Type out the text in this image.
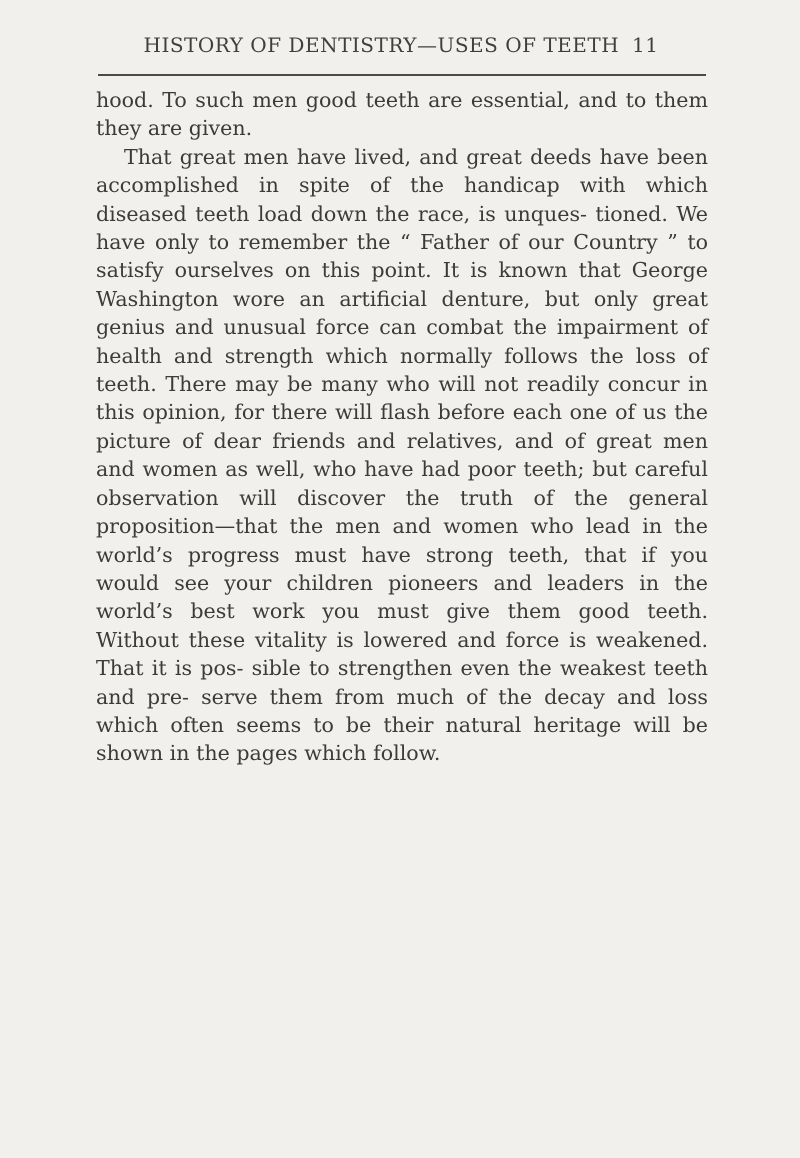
HISTORY OF DENTISTRY—USES OF TEETH 11

hood. To such men good teeth are essential, and to them they are given.

That great men have lived, and great deeds have been accomplished in spite of the handicap with which diseased teeth load down the race, is unques- tioned. We have only to remember the “ Father of our Country ” to satisfy ourselves on this point. It is known that George Washington wore an artificial denture, but only great genius and unusual force can combat the impairment of health and strength which normally follows the loss of teeth. There may be many who will not readily concur in this opinion, for there will flash before each one of us the picture of dear friends and relatives, and of great men and women as well, who have had poor teeth; but careful observation will discover the truth of the general proposition—that the men and women who lead in the world’s progress must have strong teeth, that if you would see your children pioneers and leaders in the world’s best work you must give them good teeth. Without these vitality is lowered and force is weakened. That it is pos- sible to strengthen even the weakest teeth and pre- serve them from much of the decay and loss which often seems to be their natural heritage will be shown in the pages which follow.
